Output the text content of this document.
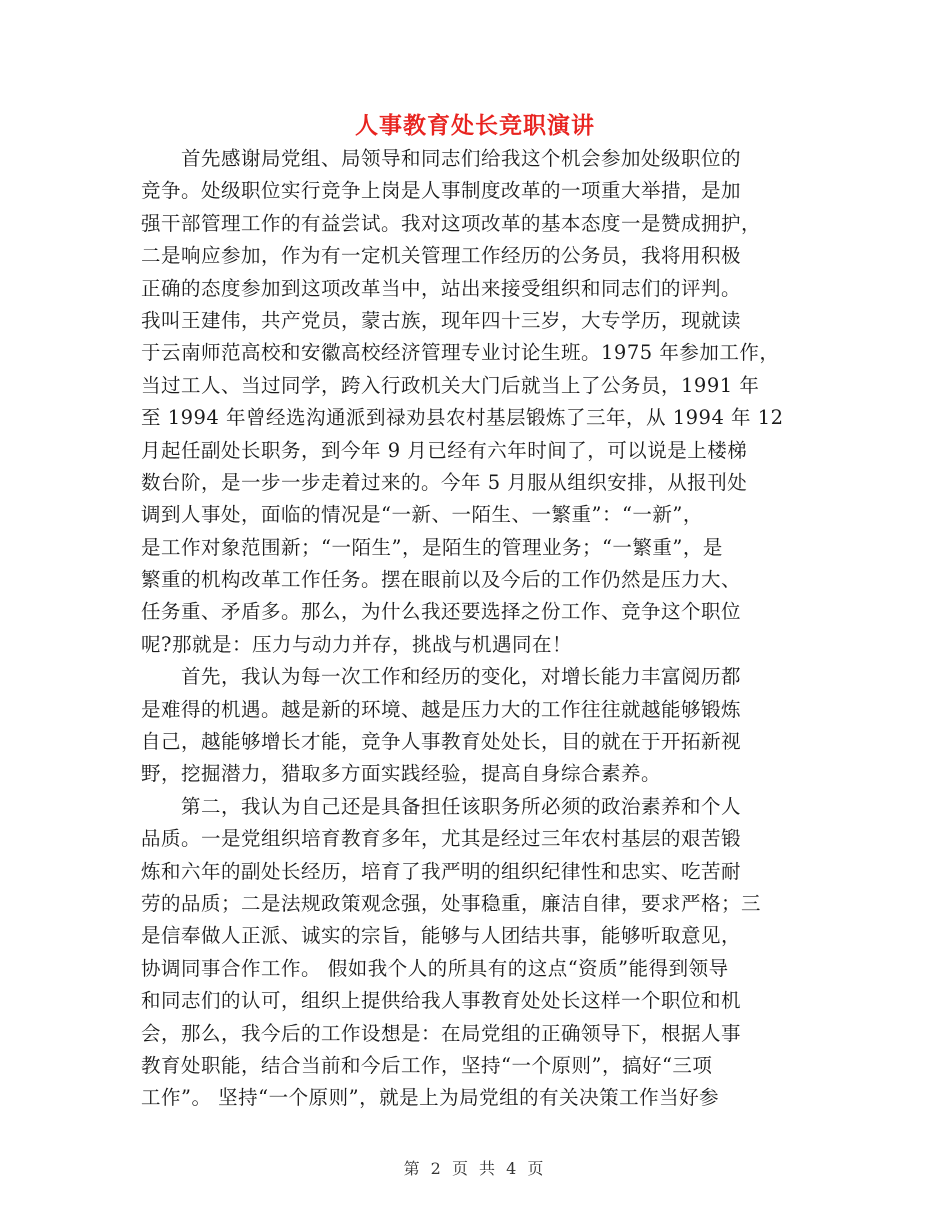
人事教育处长竞职演讲
　　首先感谢局党组、局领导和同志们给我这个机会参加处级职位的
竞争。处级职位实行竞争上岗是人事制度改革的一项重大举措，是加
强干部管理工作的有益尝试。我对这项改革的基本态度一是赞成拥护，
二是响应参加，作为有一定机关管理工作经历的公务员，我将用积极
正确的态度参加到这项改革当中，站出来接受组织和同志们的评判。
我叫王建伟，共产党员，蒙古族，现年四十三岁，大专学历，现就读
于云南师范高校和安徽高校经济管理专业讨论生班。1975 年参加工作，
当过工人、当过同学，跨入行政机关大门后就当上了公务员，1991 年
至 1994 年曾经选沟通派到禄劝县农村基层锻炼了三年，从 1994 年 12
月起任副处长职务，到今年 9 月已经有六年时间了，可以说是上楼梯
数台阶，是一步一步走着过来的。今年 5 月服从组织安排，从报刊处
调到人事处，面临的情况是“一新、一陌生、一繁重”：“一新”，
是工作对象范围新；“一陌生”，是陌生的管理业务；“一繁重”，是
繁重的机构改革工作任务。摆在眼前以及今后的工作仍然是压力大、
任务重、矛盾多。那么，为什么我还要选择之份工作、竞争这个职位
呢?那就是：压力与动力并存，挑战与机遇同在！
　　首先，我认为每一次工作和经历的变化，对增长能力丰富阅历都
是难得的机遇。越是新的环境、越是压力大的工作往往就越能够锻炼
自己，越能够增长才能，竞争人事教育处处长，目的就在于开拓新视
野，挖掘潜力，猎取多方面实践经验，提高自身综合素养。
　　第二，我认为自己还是具备担任该职务所必须的政治素养和个人
品质。一是党组织培育教育多年，尤其是经过三年农村基层的艰苦锻
炼和六年的副处长经历，培育了我严明的组织纪律性和忠实、吃苦耐
劳的品质；二是法规政策观念强，处事稳重，廉洁自律，要求严格；三
是信奉做人正派、诚实的宗旨，能够与人团结共事，能够听取意见，
协调同事合作工作。 假如我个人的所具有的这点“资质”能得到领导
和同志们的认可，组织上提供给我人事教育处处长这样一个职位和机
会，那么，我今后的工作设想是：在局党组的正确领导下，根据人事
教育处职能，结合当前和今后工作，坚持“一个原则”，搞好“三项
工作”。 坚持“一个原则”，就是上为局党组的有关决策工作当好参
第 2 页 共 4 页
